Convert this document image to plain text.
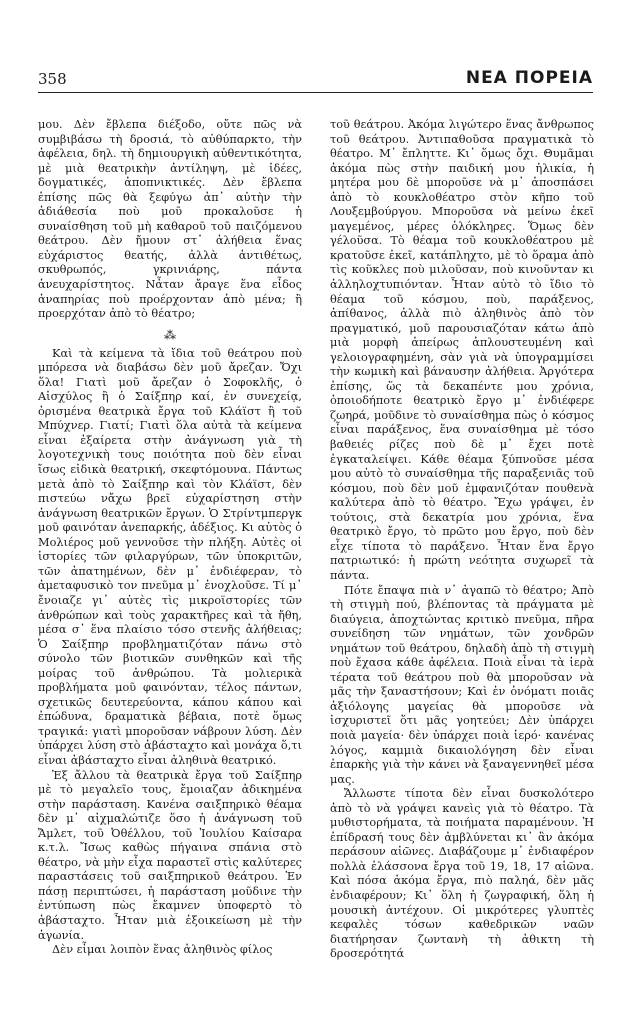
358	ΝΕΑ ΠΟΡΕΙΑ

μου. Δὲν ἔβλεπα διέξοδο, οὔτε πῶς νὰ συμβιβάσω τὴ δροσιά, τὸ αὐθύπαρκτο, τὴν ἀφέλεια, δηλ. τὴ δημιουργικὴ αὐθεντικότητα, μὲ μιὰ θεατρικὴν ἀντίληψη, μὲ ἰδέες, δογματικές, ἀποπνικτικές. Δὲν ἔβλεπα ἐπίσης πῶς θὰ ξεφύγω ἀπ᾿ αὐτὴν τὴν ἀδιάθεσία ποὺ μοῦ προκαλοῦσε ἡ συναίσθηση τοῦ μὴ καθαροῦ τοῦ παιζόμενου θεάτρου. Δὲν ἤμουν στ᾿ ἀλήθεια ἕνας εὐχάριστος θεατής, ἀλλὰ ἀντιθέτως, σκυθρωπός, γκρινιάρης, πάντα ἀνευχαρίστητος. Νἆταν ἄραγε ἕνα εἶδος ἀναπηρίας ποὺ προέρχονταν ἀπὸ μένα; ἢ προερχόταν ἀπὸ τὸ θέατρο;

⁂

Καὶ τὰ κείμενα τὰ ἴδια τοῦ θεάτρου ποὺ μπόρεσα νὰ διαβάσω δὲν μοῦ ἄρεζαν. Ὄχι ὅλα! Γιατὶ μοῦ ἄρεζαν ὁ Σοφοκλῆς, ὁ Αἰσχύλος ἢ ὁ Σαίξπηρ καί, ἐν συνεχείᾳ, ὁρισμένα θεατρικὰ ἔργα τοῦ Κλάϊστ ἢ τοῦ Μπύχνερ. Γιατί; Γιατὶ ὅλα αὐτὰ τὰ κείμενα εἶναι ἐξαίρετα στὴν ἀνάγνωση γιὰ τὴ λογοτεχνικὴ τους ποιότητα ποὺ δὲν εἶναι ἴσως εἰδικὰ θεατρική, σκεφτόμουνα. Πάντως μετὰ ἀπὸ τὸ Σαίξπηρ καὶ τὸν Κλάϊστ, δὲν πιστεύω νἄχω βρεῖ εὐχαρίστηση στὴν ἀνάγνωση θεατρικῶν ἔργων. Ὁ Στρίντμπεργκ μοῦ φαινόταν ἀνεπαρκής, ἀδέξιος. Κι αὐτὸς ὁ Μολιέρος μοῦ γεννοῦσε τὴν πλήξη. Αὐτὲς οἱ ἱστορίες τῶν φιλαργύρων, τῶν ὑποκριτῶν, τῶν ἀπατημένων, δὲν μ᾿ ἐνδιέφεραν, τὸ ἀμεταφυσικὸ τον πνεῦμα μ᾿ ἐνοχλοῦσε. Τί μ᾿ ἔνοιαζε γι᾿ αὐτὲς τὶς μικροϊστορίες τῶν ἀνθρώπων καὶ τοὺς χαρακτῆρες καὶ τὰ ἤθη, μέσα σ᾿ ἕνα πλαίσιο τόσο στενῆς ἀλήθειας; Ὁ Σαίξπηρ προβληματιζόταν πάνω στὸ σύνολο τῶν βιοτικῶν συνθηκῶν καὶ τῆς μοίρας τοῦ ἀνθρώπου. Τὰ μολιερικὰ προβλήματα μοῦ φαινόνταν, τέλος πάντων, σχετικῶς δευτερεύοντα, κάπου κάπου καὶ ἐπώδυνα, δραματικὰ βέβαια, ποτὲ ὅμως τραγικά: γιατὶ μποροῦσαν νάβρουν λύση. Δὲν ὑπάρχει λύση στὸ ἀβάσταχτο καὶ μονάχα ὅ,τι εἶναι ἀβάσταχτο εἶναι ἀληθινὰ θεατρικό.

Ἐξ ἄλλου τὰ θεατρικὰ ἔργα τοῦ Σαίξπηρ μὲ τὸ μεγαλεῖο τους, ἔμοιαζαν ἀδικημένα στὴν παράσταση. Κανένα σαιξπηρικὸ θέαμα δὲν μ᾿ αἰχμαλώτιζε ὅσο ἡ ἀνάγνωση τοῦ Ἄμλετ, τοῦ Ὀθέλλου, τοῦ Ἰουλίου Καίσαρα κ.τ.λ. Ἴσως καθὼς πήγαινα σπάνια στὸ θέατρο, νὰ μὴν εἶχα παραστεῖ στὶς καλύτερες παραστάσεις τοῦ σαιξπηρικοῦ θεάτρου. Ἐν πάσῃ περιπτώσει, ἡ παράσταση μοῦδινε τὴν ἐντύπωση πὼς ἔκαμνεν ὑποφερτὸ τὸ ἀβάσταχτο. Ἦταν μιὰ ἐξοικείωση μὲ τὴν ἀγωνία.

Δὲν εἶμαι λοιπὸν ἕνας ἀληθινὸς φίλος

τοῦ θεάτρου. Ἀκόμα λιγώτερο ἕνας ἄνθρωπος τοῦ θεάτρου. Ἀντιπαθοῦσα πραγματικὰ τὸ θέατρο. Μ᾿ ἔπληττε. Κι᾿ ὅμως ὄχι. Θυμᾶμαι ἀκόμα πὼς στὴν παιδική μου ἡλικία, ἡ μητέρα μου δὲ μποροῦσε νὰ μ᾿ ἀποσπάσει ἀπὸ τὸ κουκλοθέατρο στὸν κῆπο τοῦ Λουξεμβούργου. Μποροῦσα νὰ μείνω ἐκεῖ μαγεμένος, μέρες ὁλόκληρες. Ὅμως δὲν γέλοῦσα. Τὸ θέαμα τοῦ κουκλοθέατρου μὲ κρατοῦσε ἐκεῖ, κατάπληχτο, μὲ τὸ ὅραμα ἀπὸ τὶς κοῦκλες ποὺ μιλοῦσαν, ποὺ κινοῦνταν κι ἀλληλοχτυπιόνταν. Ἦταν αὐτὸ τὸ ἴδιο τὸ θέαμα τοῦ κόσμου, ποὺ, παράξενος, ἀπίθανος, ἀλλὰ πιὸ ἀληθινὸς ἀπὸ τὸν πραγματικό, μοῦ παρουσιαζόταν κάτω ἀπὸ μιὰ μορφὴ ἀπείρως ἁπλουστευμένη καὶ γελοιογραφημένη, σὰν γιὰ νὰ ὑπογραμμίσει τὴν κωμικὴ καὶ βάναυσην ἀλήθεια. Ἀργότερα ἐπίσης, ὥς τὰ δεκαπέντε μου χρόνια, ὁποιοδήποτε θεατρικὸ ἔργο μ᾿ ἐνδιέφερε ζωηρά, μοῦδινε τὸ συναίσθημα πὼς ὁ κόσμος εἶναι παράξενος, ἕνα συναίσθημα μὲ τόσο βαθειές ρίζες ποὺ δὲ μ᾿ ἔχει ποτὲ ἐγκαταλείψει. Κάθε θέαμα ξύπνοῦσε μέσα μου αὐτὸ τὸ συναίσθημα τῆς παραξενιᾶς τοῦ κόσμου, ποὺ δὲν μοῦ ἐμφανιζόταν πουθενὰ καλύτερα ἀπὸ τὸ θέατρο. Ἔχω γράψει, ἐν τούτοις, στὰ δεκατρία μου χρόνια, ἕνα θεατρικὸ ἔργο, τὸ πρῶτο μου ἔργο, ποὺ δὲν εἶχε τίποτα τὸ παράξενο. Ἦταν ἕνα ἔργο πατριωτικό: ἡ πρώτη νεότητα συχωρεῖ τὰ πάντα.

Πότε ἔπαψα πιὰ ν᾿ ἀγαπῶ τὸ θέατρο; Ἀπὸ τὴ στιγμὴ πού, βλέποντας τὰ πράγματα μὲ διαύγεια, ἀποχτώντας κριτικὸ πνεῦμα, πῆρα συνείδηση τῶν νημάτων, τῶν χονδρῶν νημάτων τοῦ θεάτρου, δηλαδὴ ἀπὸ τὴ στιγμὴ ποὺ ἔχασα κάθε ἀφέλεια. Ποιὰ εἶναι τὰ ἱερὰ τέρατα τοῦ θεάτρου ποὺ θὰ μποροῦσαν νὰ μᾶς τὴν ξαναστήσουν; Καὶ ἐν ὀνόματι ποιᾶς ἀξιόλογης μαγείας θὰ μποροῦσε νὰ ἰσχυριστεῖ ὅτι μᾶς γοητεύει; Δὲν ὑπάρχει ποιὰ μαγεία· δὲν ὑπάρχει ποιὰ ἱερό· κανένας λόγος, καμμιὰ δικαιολόγηση δὲν εἶναι ἐπαρκὴς γιὰ τὴν κάνει νὰ ξαναγεννηθεῖ μέσα μας.

Ἄλλωστε τίποτα δὲν εἶναι δυσκολότερο ἀπὸ τὸ νὰ γράψει κανεὶς γιὰ τὸ θέατρο. Τὰ μυθιστορήματα, τὰ ποιήματα παραμένουν. Ἡ ἐπίδρασή τους δὲν ἀμβλύνεται κι᾿ ἂν ἀκόμα περάσουν αἰῶνες. Διαβάζουμε μ᾿ ἐνδιαφέρον πολλὰ ἐλάσσονα ἔργα τοῦ 19, 18, 17 αἰῶνα. Καὶ πόσα ἀκόμα ἔργα, πιὸ παληά, δὲν μᾶς ἐνδιαφέρουν; Κι᾿ ὅλη ἡ ζωγραφική, ὅλη ἡ μουσικὴ ἀντέχουν. Οἱ μικρότερες γλυπτὲς κεφαλὲς τόσων καθεδρικῶν ναῶν διατήρησαν ζωντανὴ τὴ ἀθικτη τὴ δροσερότητά
